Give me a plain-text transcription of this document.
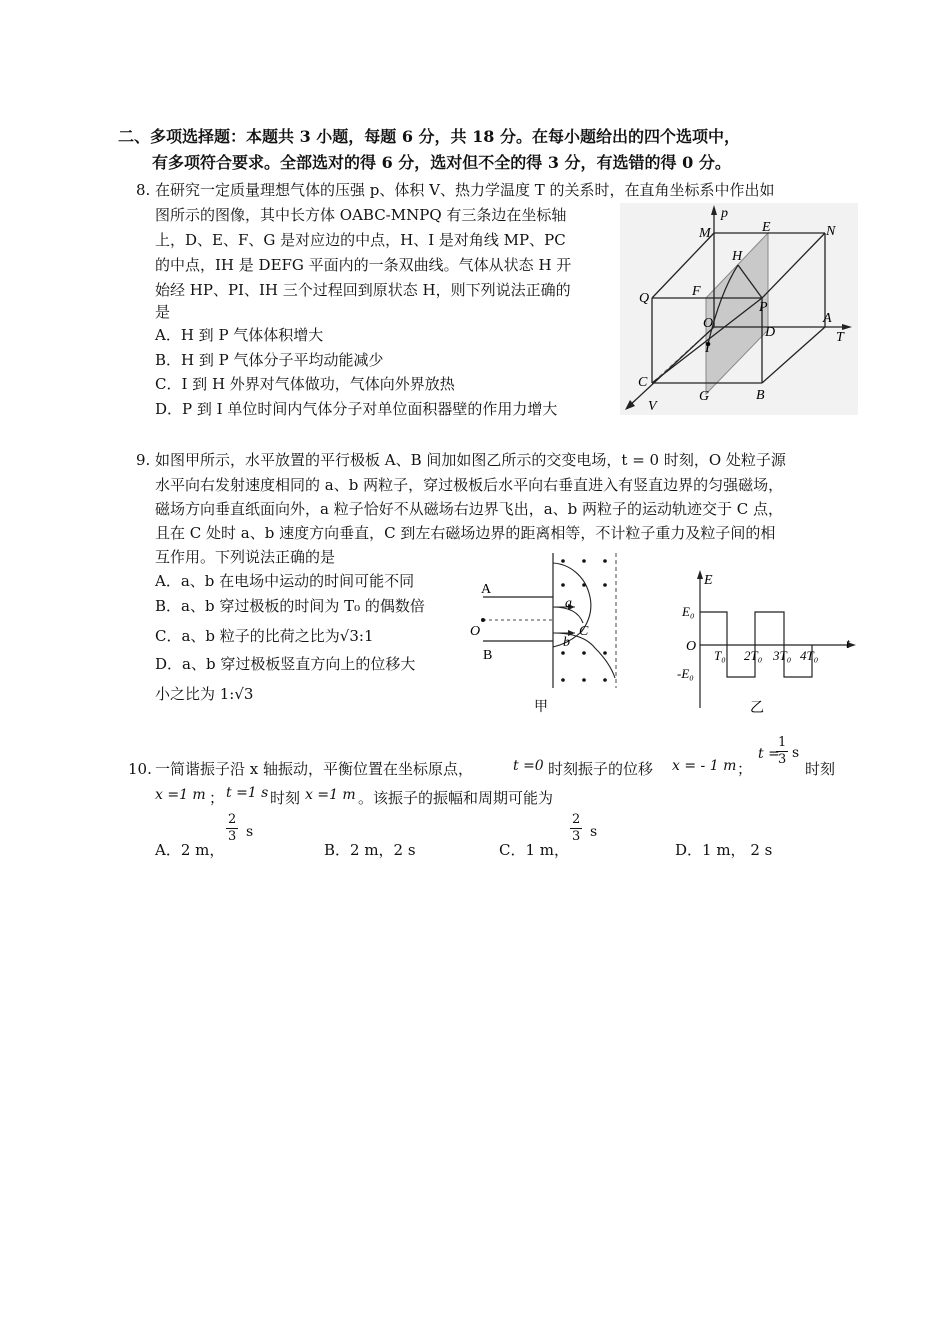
二、多项选择题：本题共 3 小题，每题 6 分，共 18 分。在每小题给出的四个选项中，
有多项符合要求。全部选对的得 6 分，选对但不全的得 3 分，有选错的得 0 分。
8. 在研究一定质量理想气体的压强 p、体积 V、热力学温度 T 的关系时，在直角坐标系中作出如
图所示的图像，其中长方体 OABC-MNPQ 有三条边在坐标轴
上，D、E、F、G 是对应边的中点，H、I 是对角线 MP、PC
的中点，IH 是 DEFG 平面内的一条双曲线。气体从状态 H 开
始经 HP、PI、IH 三个过程回到原状态 H，则下列说法正确的
是
A．H 到 P 气体体积增大
B．H 到 P 气体分子平均动能减少
C．I 到 H 外界对气体做功，气体向外界放热
D．P 到 I 单位时间内气体分子对单位面积器壁的作用力增大
p
M	E	N
H
Q	F
P
O
D
A
T
I
C
G	B
V
9. 如图甲所示，水平放置的平行极板 A、B 间加如图乙所示的交变电场，t = 0 时刻，O 处粒子源
水平向右发射速度相同的 a、b 两粒子，穿过极板后水平向右垂直进入有竖直边界的匀强磁场，
磁场方向垂直纸面向外，a 粒子恰好不从磁场右边界飞出，a、b 两粒子的运动轨迹交于 C 点，
且在 C 处时 a、b 速度方向垂直，C 到左右磁场边界的距离相等，不计粒子重力及粒子间的相
互作用。下列说法正确的是
A．a、b 在电场中运动的时间可能不同
B．a、b 穿过极板的时间为 T₀ 的偶数倍
C．a、b 粒子的比荷之比为√3:1
D．a、b 穿过极板竖直方向上的位移大
小之比为 1:√3
A
O
B
a
b
C
甲
E
E₀
O
-E₀
t
T₀ 2T₀ 3T₀ 4T₀
乙
10. 一简谐振子沿 x 轴振动，平衡位置在坐标原点，	t =0 时刻振子的位移 x = - 1 m ；
t =
$\frac{1}{3}$ s
时刻
x =1 m ； t =1 s 时刻 x =1 m 。该振子的振幅和周期可能为
A．2 m，
$\frac{2}{3}$ s
B．2 m，2 s	C．1 m，
$\frac{2}{3}$ s
D．1 m， 2 s
